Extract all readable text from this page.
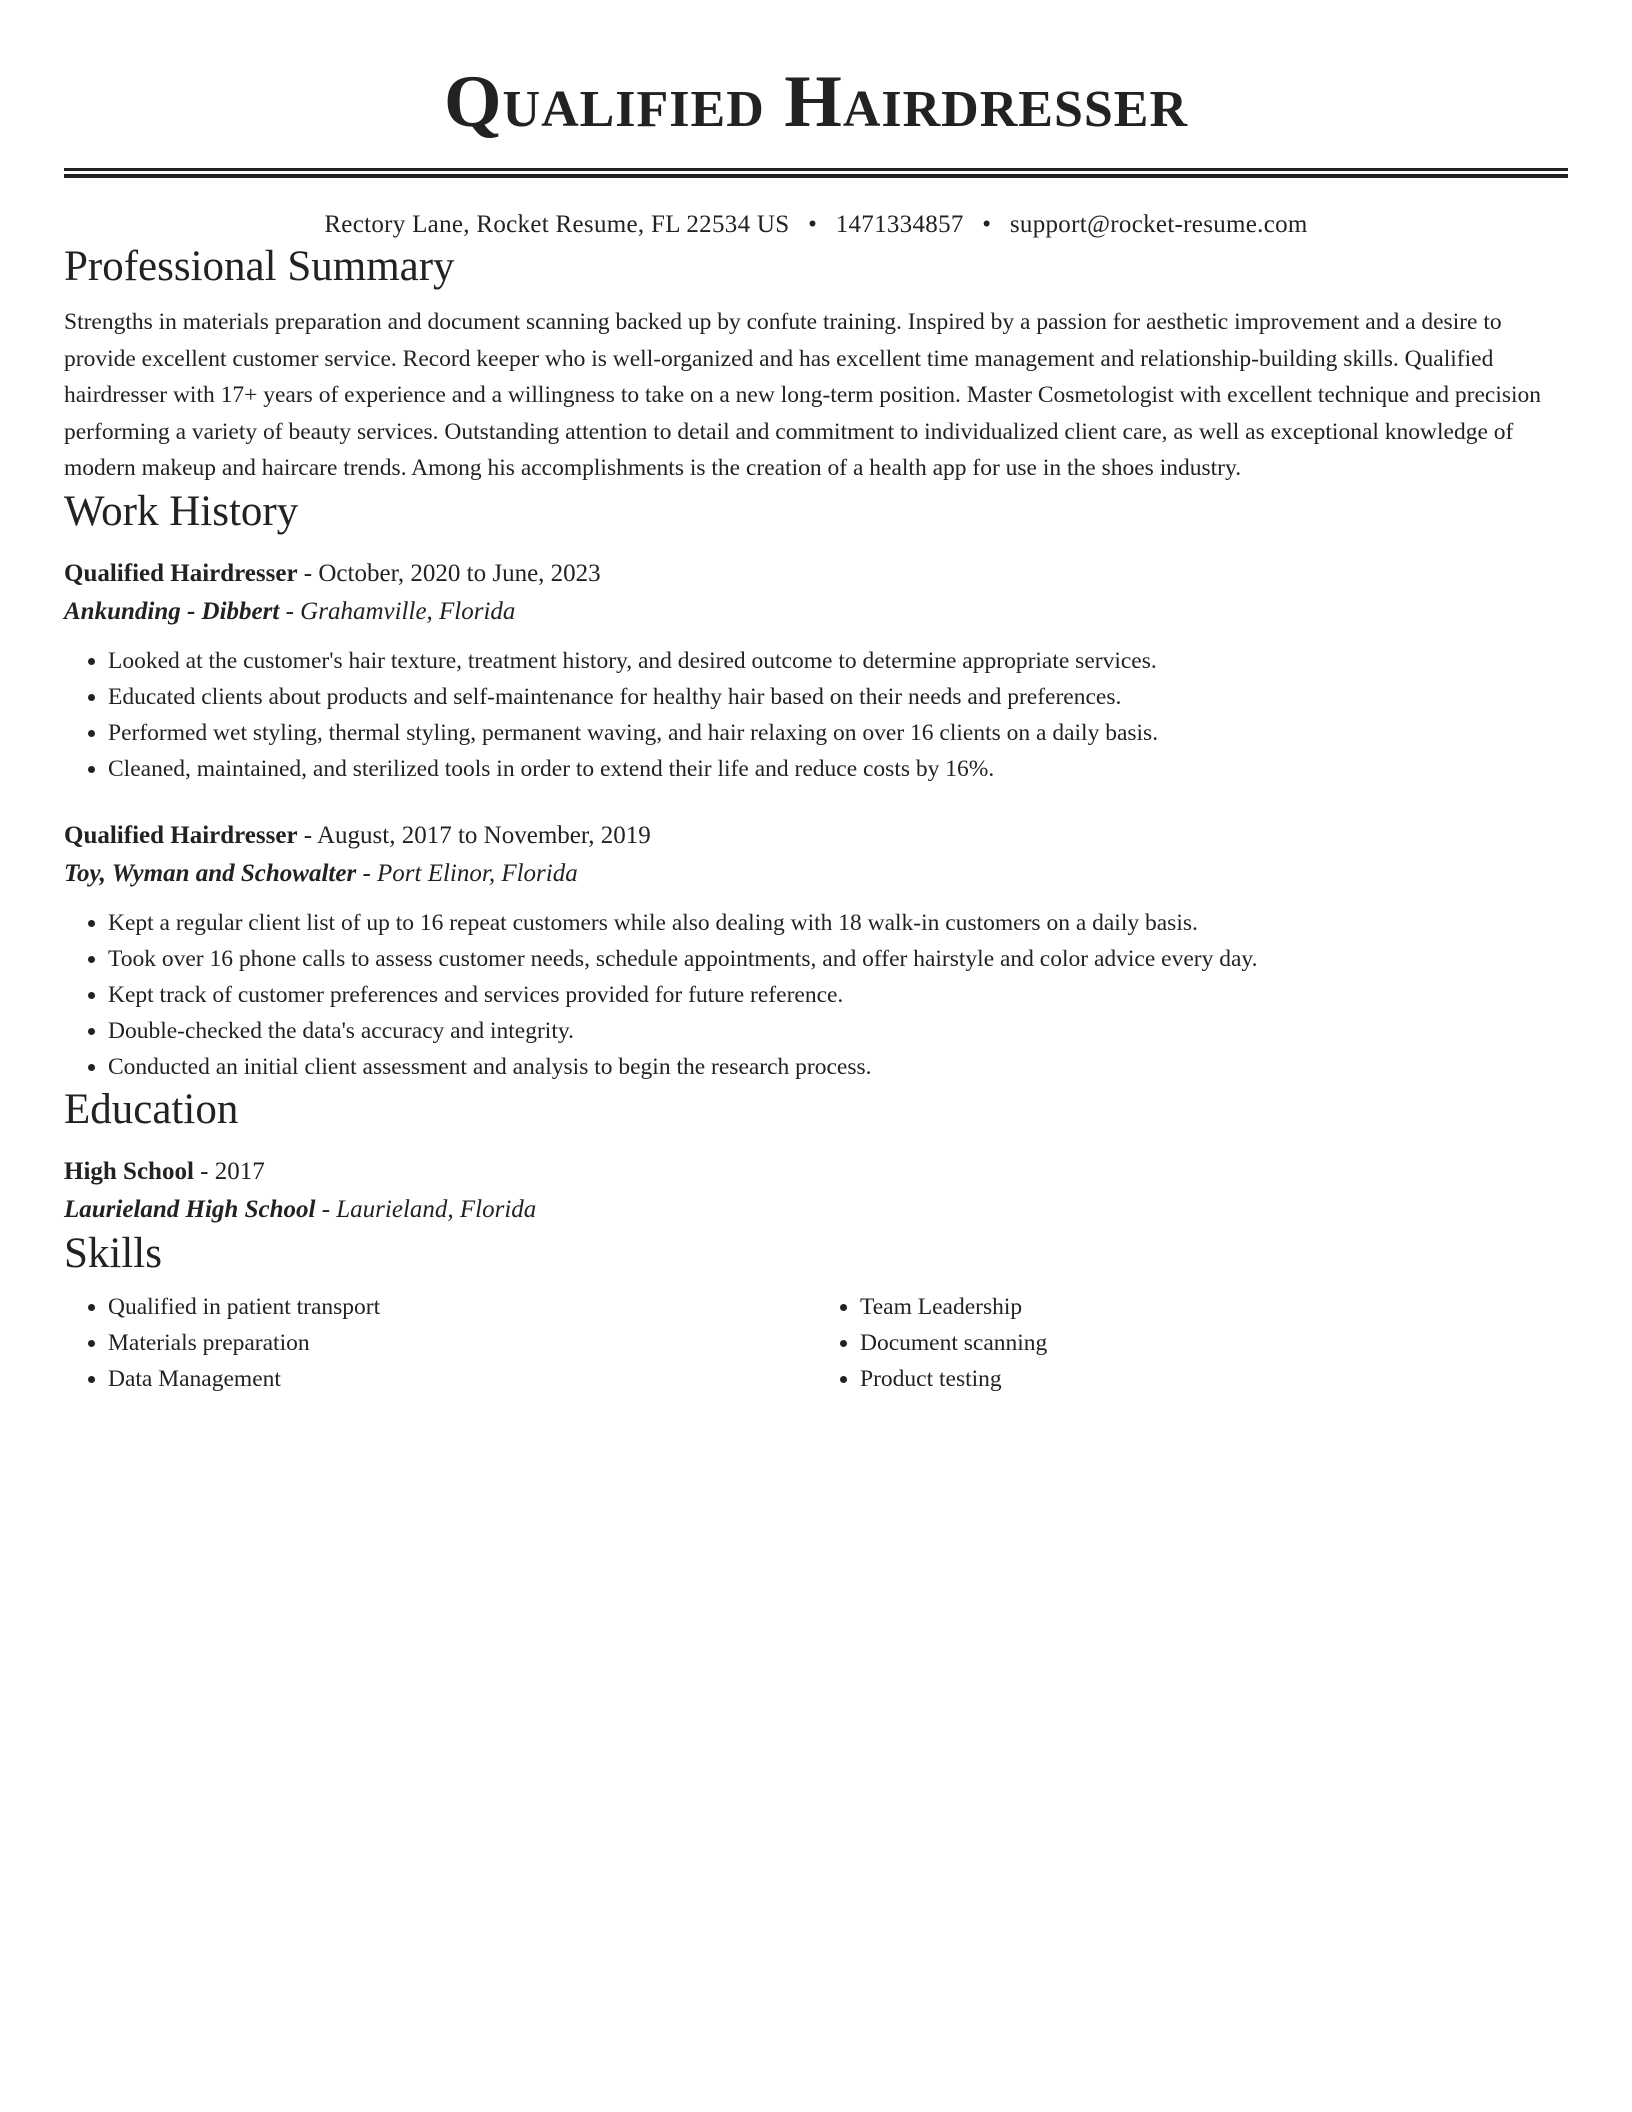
Qualified Hairdresser
Rectory Lane, Rocket Resume, FL 22534 US • 1471334857 • support@rocket-resume.com
Professional Summary

Strengths in materials preparation and document scanning backed up by confute training. Inspired by a passion for aesthetic improvement and a desire to provide excellent customer service. Record keeper who is well-organized and has excellent time management and relationship-building skills. Qualified hairdresser with 17+ years of experience and a willingness to take on a new long-term position. Master Cosmetologist with excellent technique and precision performing a variety of beauty services. Outstanding attention to detail and commitment to individualized client care, as well as exceptional knowledge of modern makeup and haircare trends. Among his accomplishments is the creation of a health app for use in the shoes industry.

Work History
Qualified Hairdresser - October, 2020 to June, 2023
Ankunding - Dibbert - Grahamville, Florida
• Looked at the customer's hair texture, treatment history, and desired outcome to determine appropriate services.
• Educated clients about products and self-maintenance for healthy hair based on their needs and preferences.
• Performed wet styling, thermal styling, permanent waving, and hair relaxing on over 16 clients on a daily basis.
• Cleaned, maintained, and sterilized tools in order to extend their life and reduce costs by 16%.
Qualified Hairdresser - August, 2017 to November, 2019
Toy, Wyman and Schowalter - Port Elinor, Florida
• Kept a regular client list of up to 16 repeat customers while also dealing with 18 walk-in customers on a daily basis.
• Took over 16 phone calls to assess customer needs, schedule appointments, and offer hairstyle and color advice every day.
• Kept track of customer preferences and services provided for future reference.
• Double-checked the data's accuracy and integrity.
• Conducted an initial client assessment and analysis to begin the research process.
Education
High School - 2017
Laurieland High School - Laurieland, Florida
Skills
• Qualified in patient transport
• Materials preparation
• Data Management
• Team Leadership
• Document scanning
• Product testing
